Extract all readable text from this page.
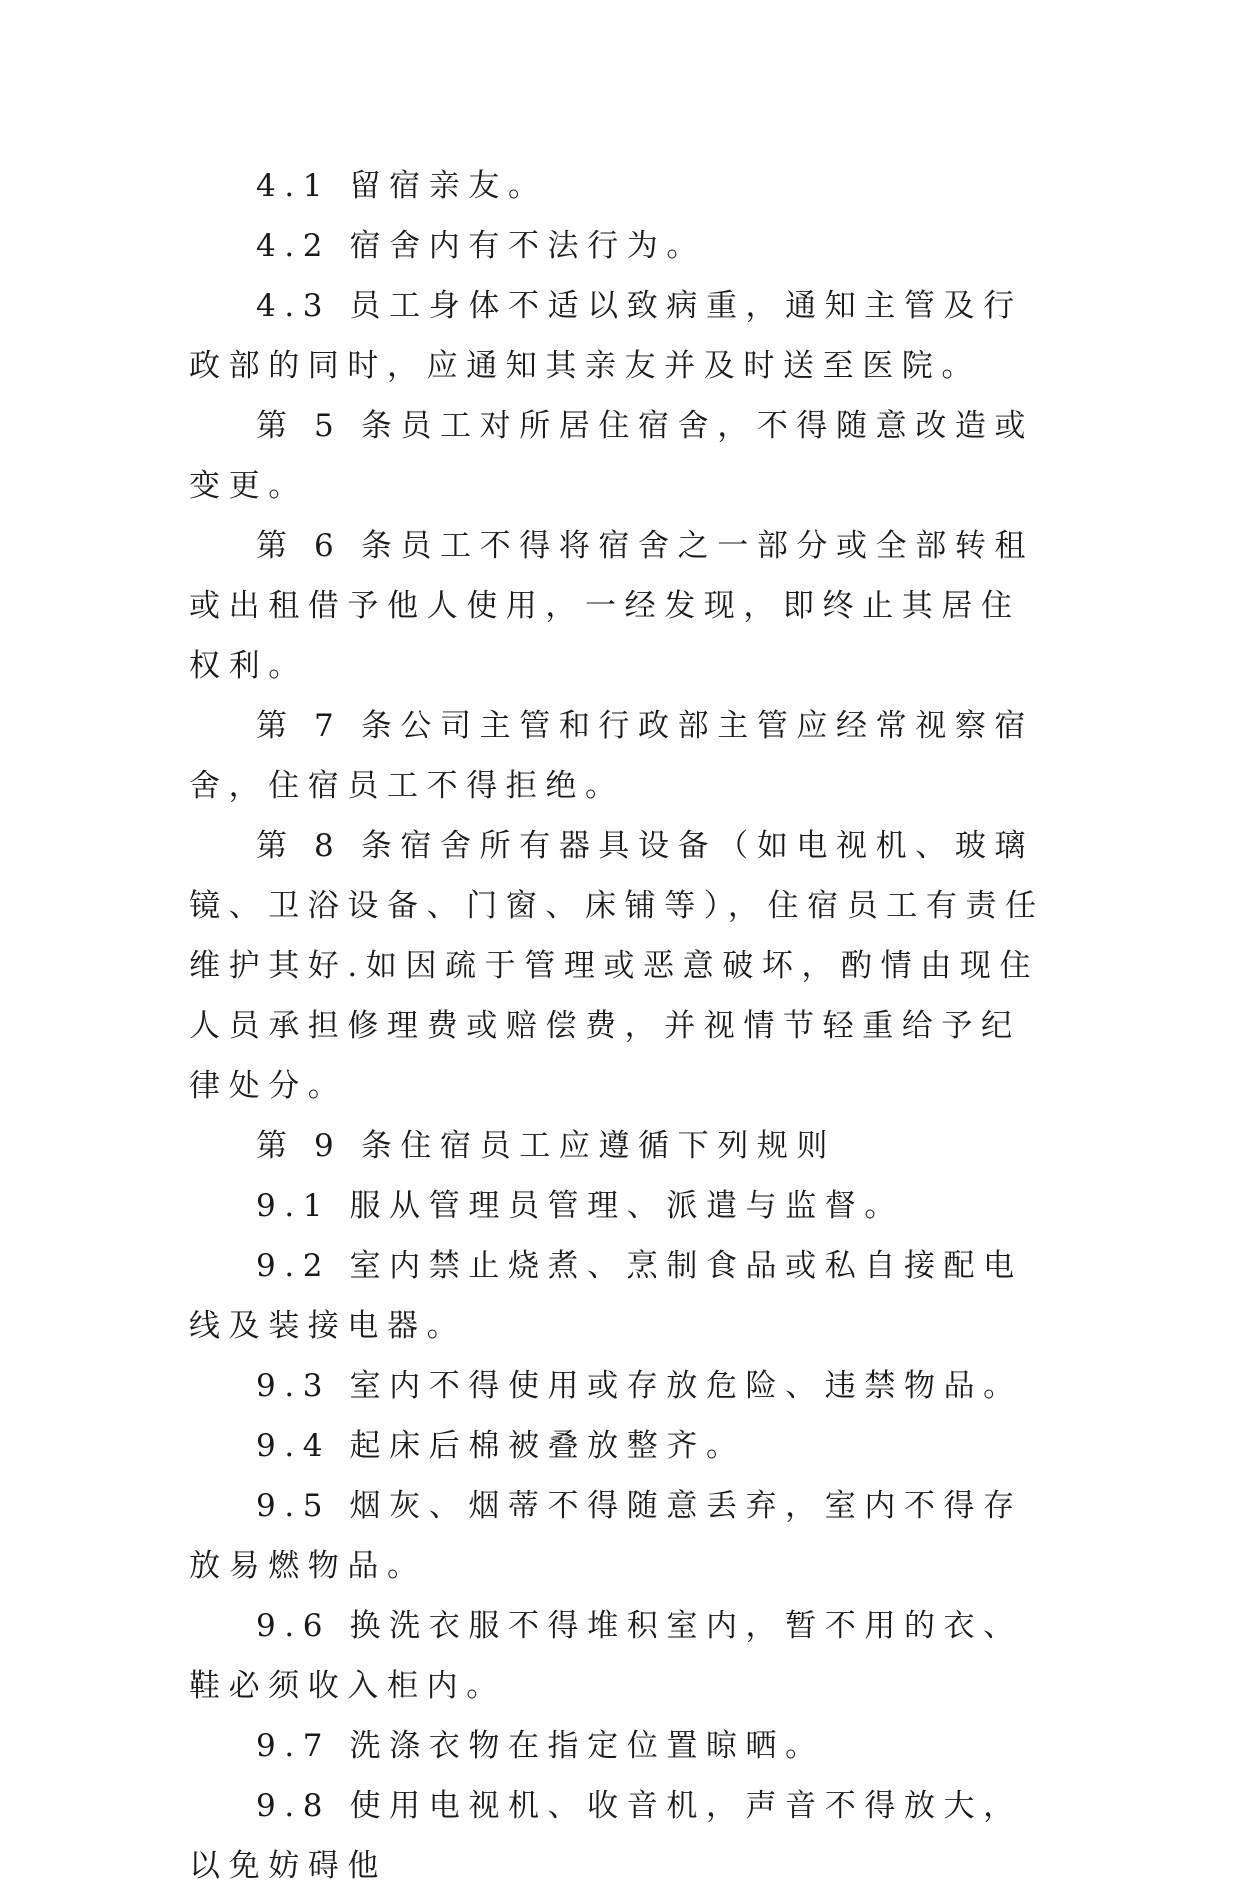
4.1 留宿亲友。

4.2 宿舍内有不法行为。

4.3 员工身体不适以致病重，通知主管及行政部的同时，应通知其亲友并及时送至医院。

第 5 条员工对所居住宿舍，不得随意改造或变更。

第 6 条员工不得将宿舍之一部分或全部转租或出租借予他人使用，一经发现，即终止其居住权利。

第 7 条公司主管和行政部主管应经常视察宿舍，住宿员工不得拒绝。

第 8 条宿舍所有器具设备（如电视机、玻璃镜、卫浴设备、门窗、床铺等），住宿员工有责任维护其好.如因疏于管理或恶意破坏，酌情由现住人员承担修理费或赔偿费，并视情节轻重给予纪律处分。

第 9 条住宿员工应遵循下列规则

9.1 服从管理员管理、派遣与监督。

9.2 室内禁止烧煮、烹制食品或私自接配电线及装接电器。

9.3 室内不得使用或存放危险、违禁物品。

9.4 起床后棉被叠放整齐。

9.5 烟灰、烟蒂不得随意丢弃，室内不得存放易燃物品。

9.6 换洗衣服不得堆积室内，暂不用的衣、鞋必须收入柜内。

9.7 洗涤衣物在指定位置晾晒。

9.8 使用电视机、收音机，声音不得放大，以免妨碍他
